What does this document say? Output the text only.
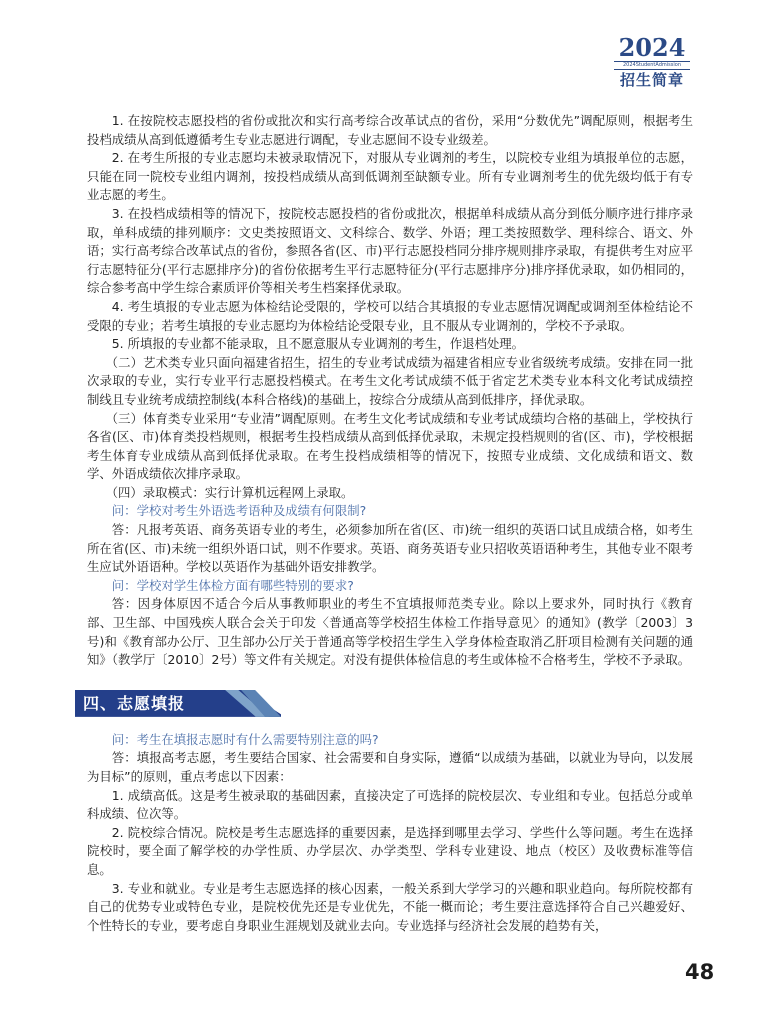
2024
2024StudentAdmission
招生简章

1. 在按院校志愿投档的省份或批次和实行高考综合改革试点的省份，采用“分数优先”调配原则，根据考生投档成绩从高到低遵循考生专业志愿进行调配，专业志愿间不设专业级差。

2. 在考生所报的专业志愿均未被录取情况下，对服从专业调剂的考生，以院校专业组为填报单位的志愿，只能在同一院校专业组内调剂，按投档成绩从高到低调剂至缺额专业。所有专业调剂考生的优先级均低于有专业志愿的考生。

3. 在投档成绩相等的情况下，按院校志愿投档的省份或批次，根据单科成绩从高分到低分顺序进行排序录取，单科成绩的排列顺序：文史类按照语文、文科综合、数学、外语；理工类按照数学、理科综合、语文、外语；实行高考综合改革试点的省份，参照各省(区、市)平行志愿投档同分排序规则排序录取，有提供考生对应平行志愿特征分(平行志愿排序分)的省份依据考生平行志愿特征分(平行志愿排序分)排序择优录取，如仍相同的，综合参考高中学生综合素质评价等相关考生档案择优录取。

4. 考生填报的专业志愿为体检结论受限的，学校可以结合其填报的专业志愿情况调配或调剂至体检结论不受限的专业；若考生填报的专业志愿均为体检结论受限专业，且不服从专业调剂的，学校不予录取。

5. 所填报的专业都不能录取，且不愿意服从专业调剂的考生，作退档处理。

（二）艺术类专业只面向福建省招生，招生的专业考试成绩为福建省相应专业省级统考成绩。安排在同一批次录取的专业，实行专业平行志愿投档模式。在考生文化考试成绩不低于省定艺术类专业本科文化考试成绩控制线且专业统考成绩控制线(本科合格线)的基础上，按综合分成绩从高到低排序，择优录取。

（三）体育类专业采用“专业清”调配原则。在考生文化考试成绩和专业考试成绩均合格的基础上，学校执行各省(区、市)体育类投档规则，根据考生投档成绩从高到低择优录取，未规定投档规则的省(区、市)，学校根据考生体育专业成绩从高到低择优录取。在考生投档成绩相等的情况下，按照专业成绩、文化成绩和语文、数学、外语成绩依次排序录取。

（四）录取模式：实行计算机远程网上录取。

问：学校对考生外语选考语种及成绩有何限制?

答：凡报考英语、商务英语专业的考生，必须参加所在省(区、市)统一组织的英语口试且成绩合格，如考生所在省(区、市)未统一组织外语口试，则不作要求。英语、商务英语专业只招收英语语种考生，其他专业不限考生应试外语语种。学校以英语作为基础外语安排教学。

问：学校对学生体检方面有哪些特别的要求?

答：因身体原因不适合今后从事教师职业的考生不宜填报师范类专业。除以上要求外，同时执行《教育部、卫生部、中国残疾人联合会关于印发〈普通高等学校招生体检工作指导意见〉的通知》(教学〔2003〕3号)和《教育部办公厅、卫生部办公厅关于普通高等学校招生学生入学身体检查取消乙肝项目检测有关问题的通知》（教学厅〔2010〕2号）等文件有关规定。对没有提供体检信息的考生或体检不合格考生，学校不予录取。

四、志愿填报

问：考生在填报志愿时有什么需要特别注意的吗?

答：填报高考志愿，考生要结合国家、社会需要和自身实际，遵循“以成绩为基础，以就业为导向，以发展为目标”的原则，重点考虑以下因素：

1. 成绩高低。这是考生被录取的基础因素，直接决定了可选择的院校层次、专业组和专业。包括总分或单科成绩、位次等。

2. 院校综合情况。院校是考生志愿选择的重要因素，是选择到哪里去学习、学些什么等问题。考生在选择院校时，要全面了解学校的办学性质、办学层次、办学类型、学科专业建设、地点（校区）及收费标准等信息。

3. 专业和就业。专业是考生志愿选择的核心因素，一般关系到大学学习的兴趣和职业趋向。每所院校都有自己的优势专业或特色专业，是院校优先还是专业优先，不能一概而论；考生要注意选择符合自己兴趣爱好、个性特长的专业，要考虑自身职业生涯规划及就业去向。专业选择与经济社会发展的趋势有关，

48
